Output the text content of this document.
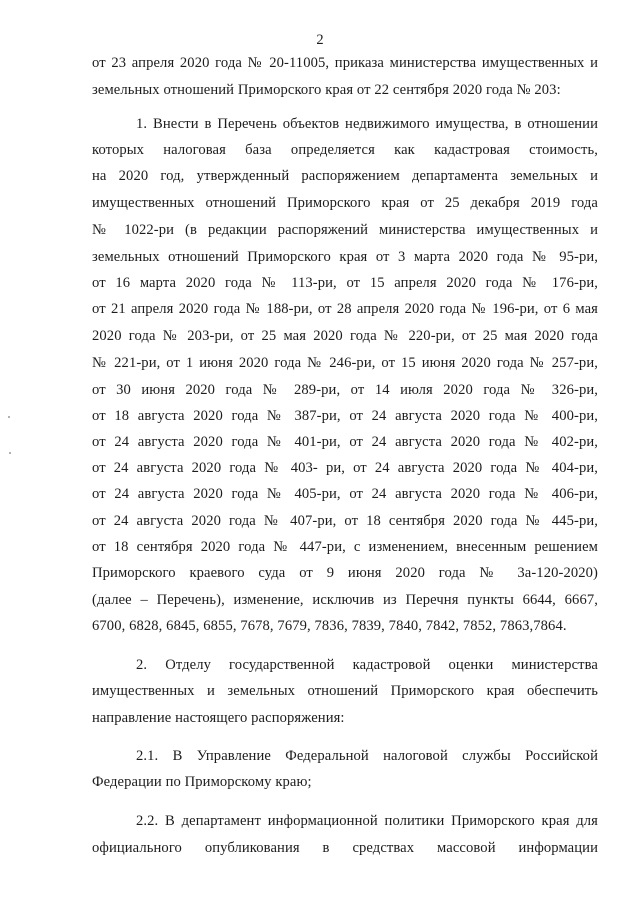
2
от 23 апреля 2020 года № 20-11005, приказа министерства имущественных и
земельных отношений Приморского края от 22 сентября 2020 года № 203:
1. Внести в Перечень объектов недвижимого имущества, в отношении
которых налоговая база определяется как кадастровая стоимость,
на 2020 год, утвержденный распоряжением департамента земельных и
имущественных отношений Приморского края от 25 декабря 2019 года
№ 1022-ри (в редакции распоряжений министерства имущественных и
земельных отношений Приморского края от 3 марта 2020 года № 95-ри,
от 16 марта 2020 года № 113-ри, от 15 апреля 2020 года № 176-ри,
от 21 апреля 2020 года № 188-ри, от 28 апреля 2020 года № 196-ри, от 6 мая
2020 года № 203-ри, от 25 мая 2020 года № 220-ри, от 25 мая 2020 года
№ 221-ри, от 1 июня 2020 года № 246-ри, от 15 июня 2020 года № 257-ри,
от 30 июня 2020 года № 289-ри, от 14 июля 2020 года № 326-ри,
от 18 августа 2020 года № 387-ри, от 24 августа 2020 года № 400-ри,
от 24 августа 2020 года № 401-ри, от 24 августа 2020 года № 402-ри,
от 24 августа 2020 года № 403- ри, от 24 августа 2020 года № 404-ри,
от 24 августа 2020 года № 405-ри, от 24 августа 2020 года № 406-ри,
от 24 августа 2020 года № 407-ри, от 18 сентября 2020 года № 445-ри,
от 18 сентября 2020 года № 447-ри, с изменением, внесенным решением
Приморского краевого суда от 9 июня 2020 года № 3а-120-2020)
(далее – Перечень), изменение, исключив из Перечня пункты 6644, 6667,
6700, 6828, 6845, 6855, 7678, 7679, 7836, 7839, 7840, 7842, 7852, 7863,7864.
2. Отделу государственной кадастровой оценки министерства
имущественных и земельных отношений Приморского края обеспечить
направление настоящего распоряжения:
2.1. В Управление Федеральной налоговой службы Российской
Федерации по Приморскому краю;
2.2. В департамент информационной политики Приморского края для
официального опубликования в средствах массовой информации
